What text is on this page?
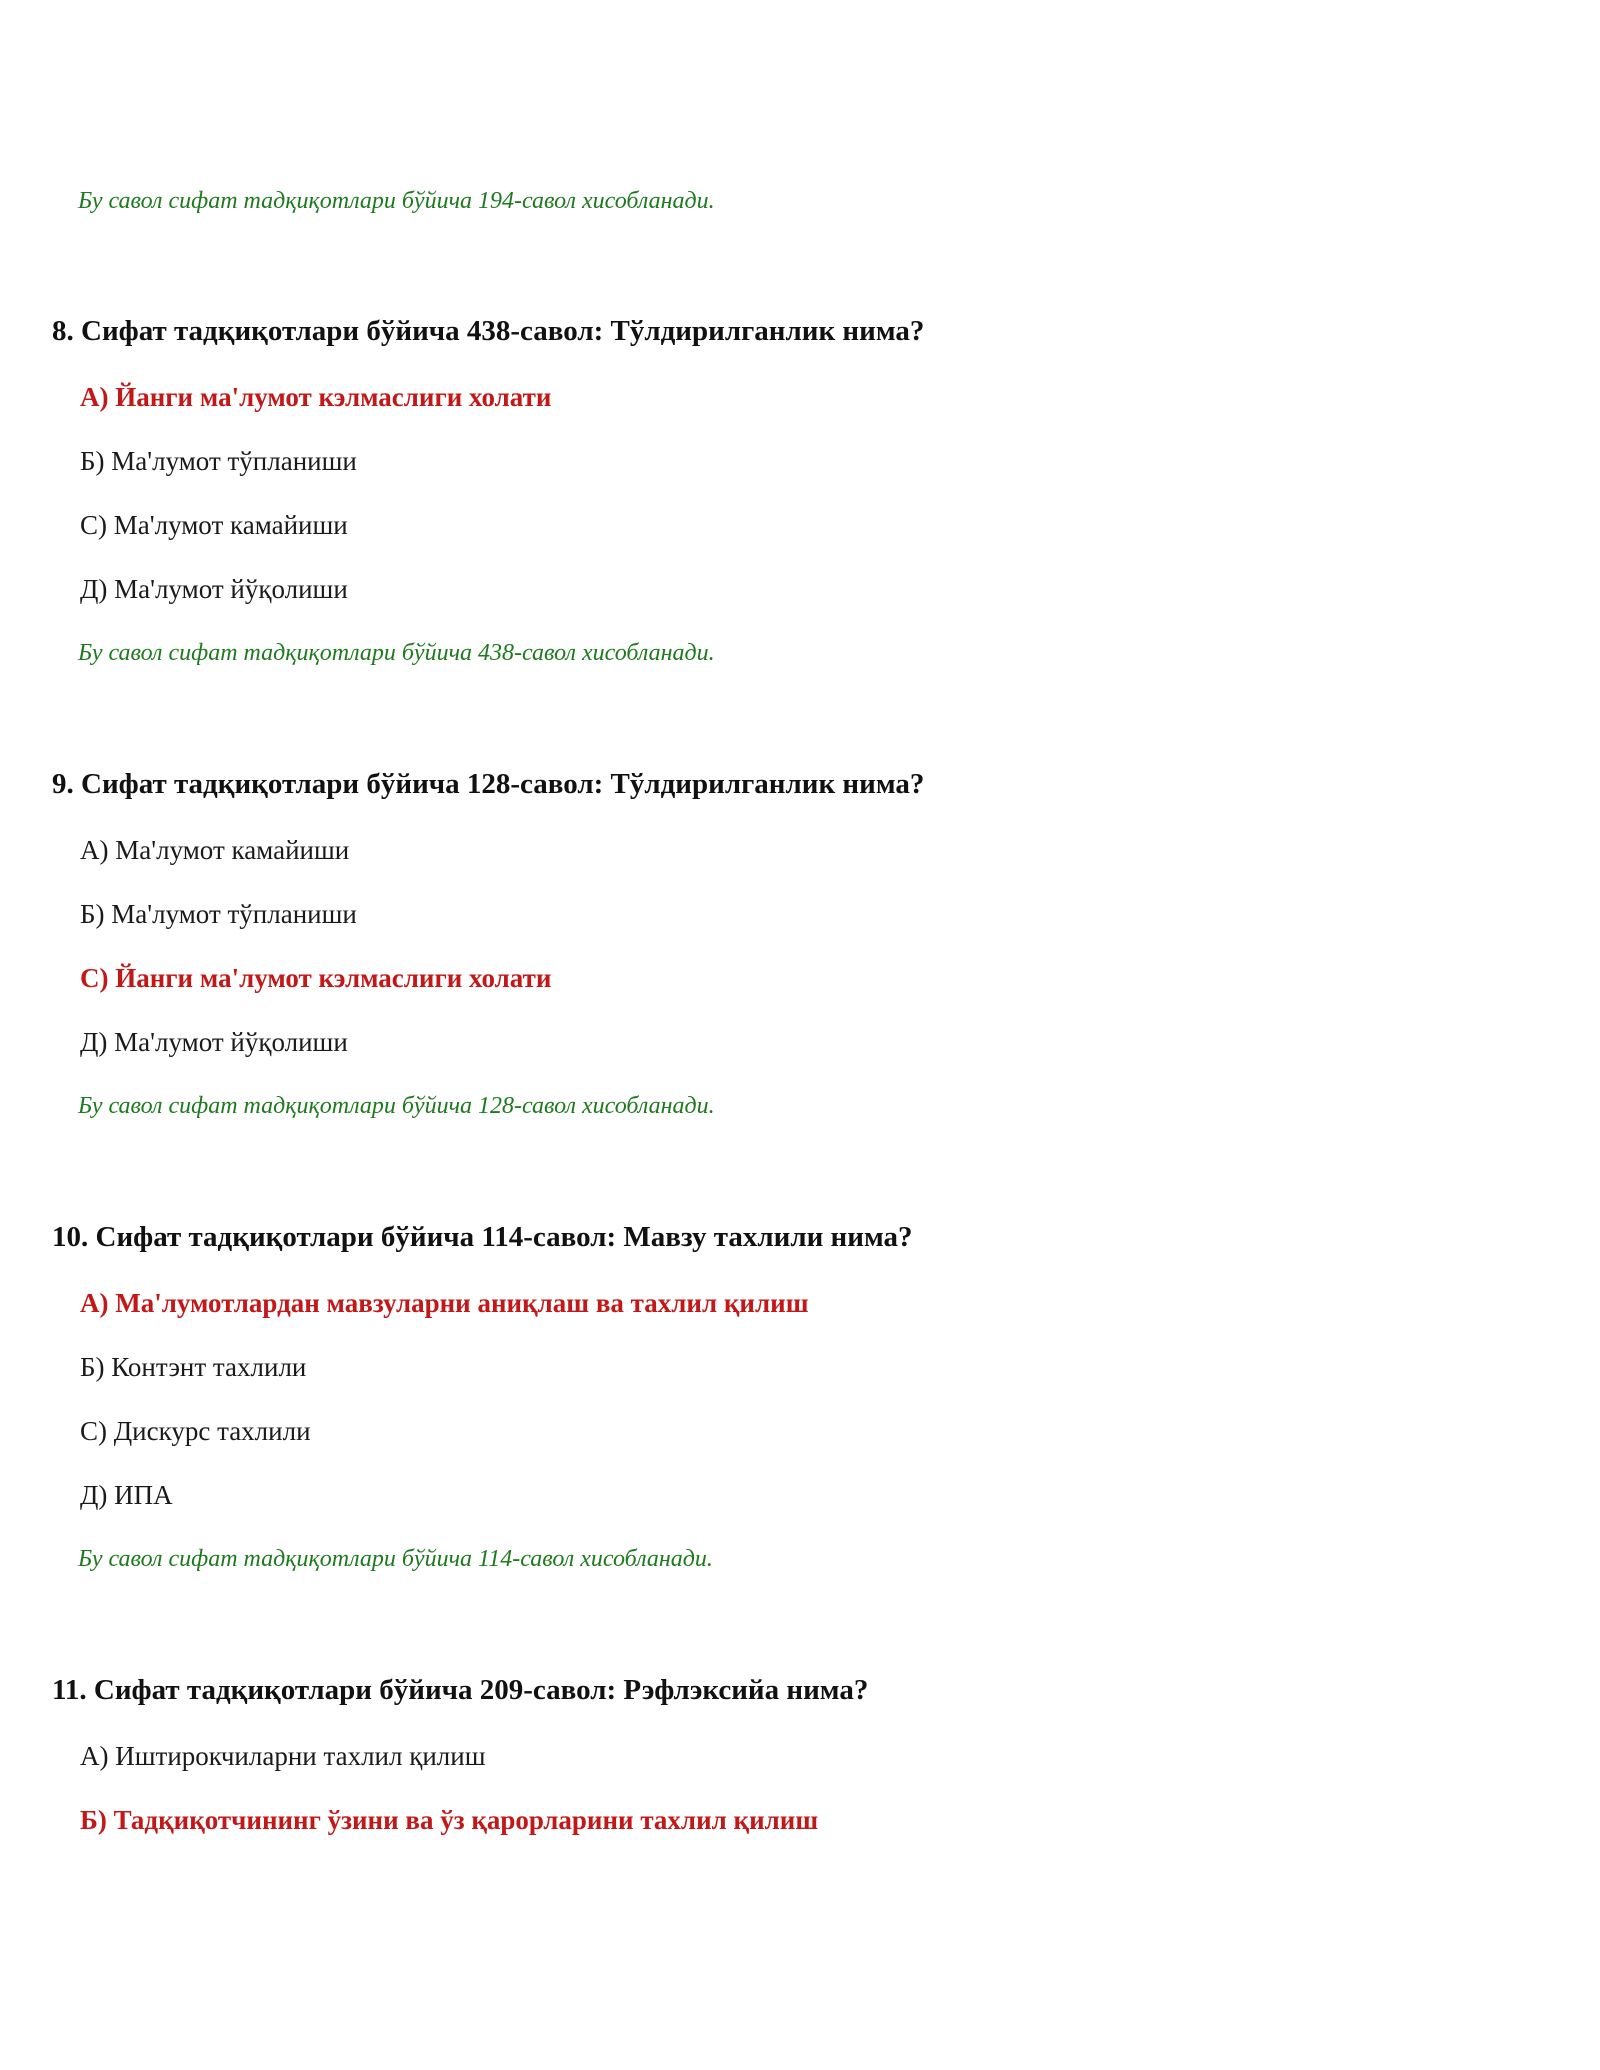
Бу савол сифат тадқиқотлари бўйича 194-савол хисобланади.
8. Сифат тадқиқотлари бўйича 438-савол: Тўлдирилганлик нима?
A) Йанги ма'лумот кэлмаслиги холати
Б) Ма'лумот тўпланиши
C) Ма'лумот камайиши
Д) Ма'лумот йўқолиши
Бу савол сифат тадқиқотлари бўйича 438-савол хисобланади.
9. Сифат тадқиқотлари бўйича 128-савол: Тўлдирилганлик нима?
A) Ма'лумот камайиши
Б) Ма'лумот тўпланиши
C) Йанги ма'лумот кэлмаслиги холати
Д) Ма'лумот йўқолиши
Бу савол сифат тадқиқотлари бўйича 128-савол хисобланади.
10. Сифат тадқиқотлари бўйича 114-савол: Мавзу тахлили нима?
A) Ма'лумотлардан мавзуларни аниқлаш ва тахлил қилиш
Б) Контэнт тахлили
C) Дискурс тахлили
Д) ИПА
Бу савол сифат тадқиқотлари бўйича 114-савол хисобланади.
11. Сифат тадқиқотлари бўйича 209-савол: Рэфлэксийа нима?
A) Иштирокчиларни тахлил қилиш
Б) Тадқиқотчининг ўзини ва ўз қарорларини тахлил қилиш
